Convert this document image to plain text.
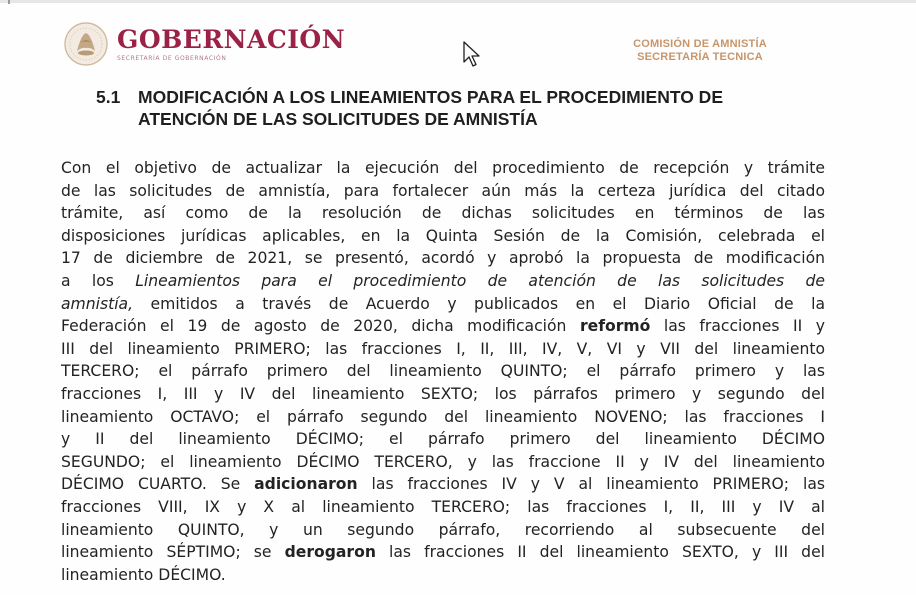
GOBERNACIÓN
SECRETARÍA DE GOBERNACIÓN
COMISIÓN DE AMNISTÍA
SECRETARÍA TECNICA
5.1	MODIFICACIÓN A LOS LINEAMIENTOS PARA EL PROCEDIMIENTO DE
ATENCIÓN DE LAS SOLICITUDES DE AMNISTÍA
Con el objetivo de actualizar la ejecución del procedimiento de recepción y trámite
de las solicitudes de amnistía, para fortalecer aún más la certeza jurídica del citado
trámite, así como de la resolución de dichas solicitudes en términos de las
disposiciones jurídicas aplicables, en la Quinta Sesión de la Comisión, celebrada el
17 de diciembre de 2021, se presentó, acordó y aprobó la propuesta de modificación
a los Lineamientos para el procedimiento de atención de las solicitudes de
amnistía, emitidos a través de Acuerdo y publicados en el Diario Oficial de la
Federación el 19 de agosto de 2020, dicha modificación reformó las fracciones II y
III del lineamiento PRIMERO; las fracciones I, II, III, IV, V, VI y VII del lineamiento
TERCERO; el párrafo primero del lineamiento QUINTO; el párrafo primero y las
fracciones I, III y IV del lineamiento SEXTO; los párrafos primero y segundo del
lineamiento OCTAVO; el párrafo segundo del lineamiento NOVENO; las fracciones I
y II del lineamiento DÉCIMO; el párrafo primero del lineamiento DÉCIMO
SEGUNDO; el lineamiento DÉCIMO TERCERO, y las fraccione II y IV del lineamiento
DÉCIMO CUARTO. Se adicionaron las fracciones IV y V al lineamiento PRIMERO; las
fracciones VIII, IX y X al lineamiento TERCERO; las fracciones I, II, III y IV al
lineamiento QUINTO, y un segundo párrafo, recorriendo al subsecuente del
lineamiento SÉPTIMO; se derogaron las fracciones II del lineamiento SEXTO, y III del
lineamiento DÉCIMO.
